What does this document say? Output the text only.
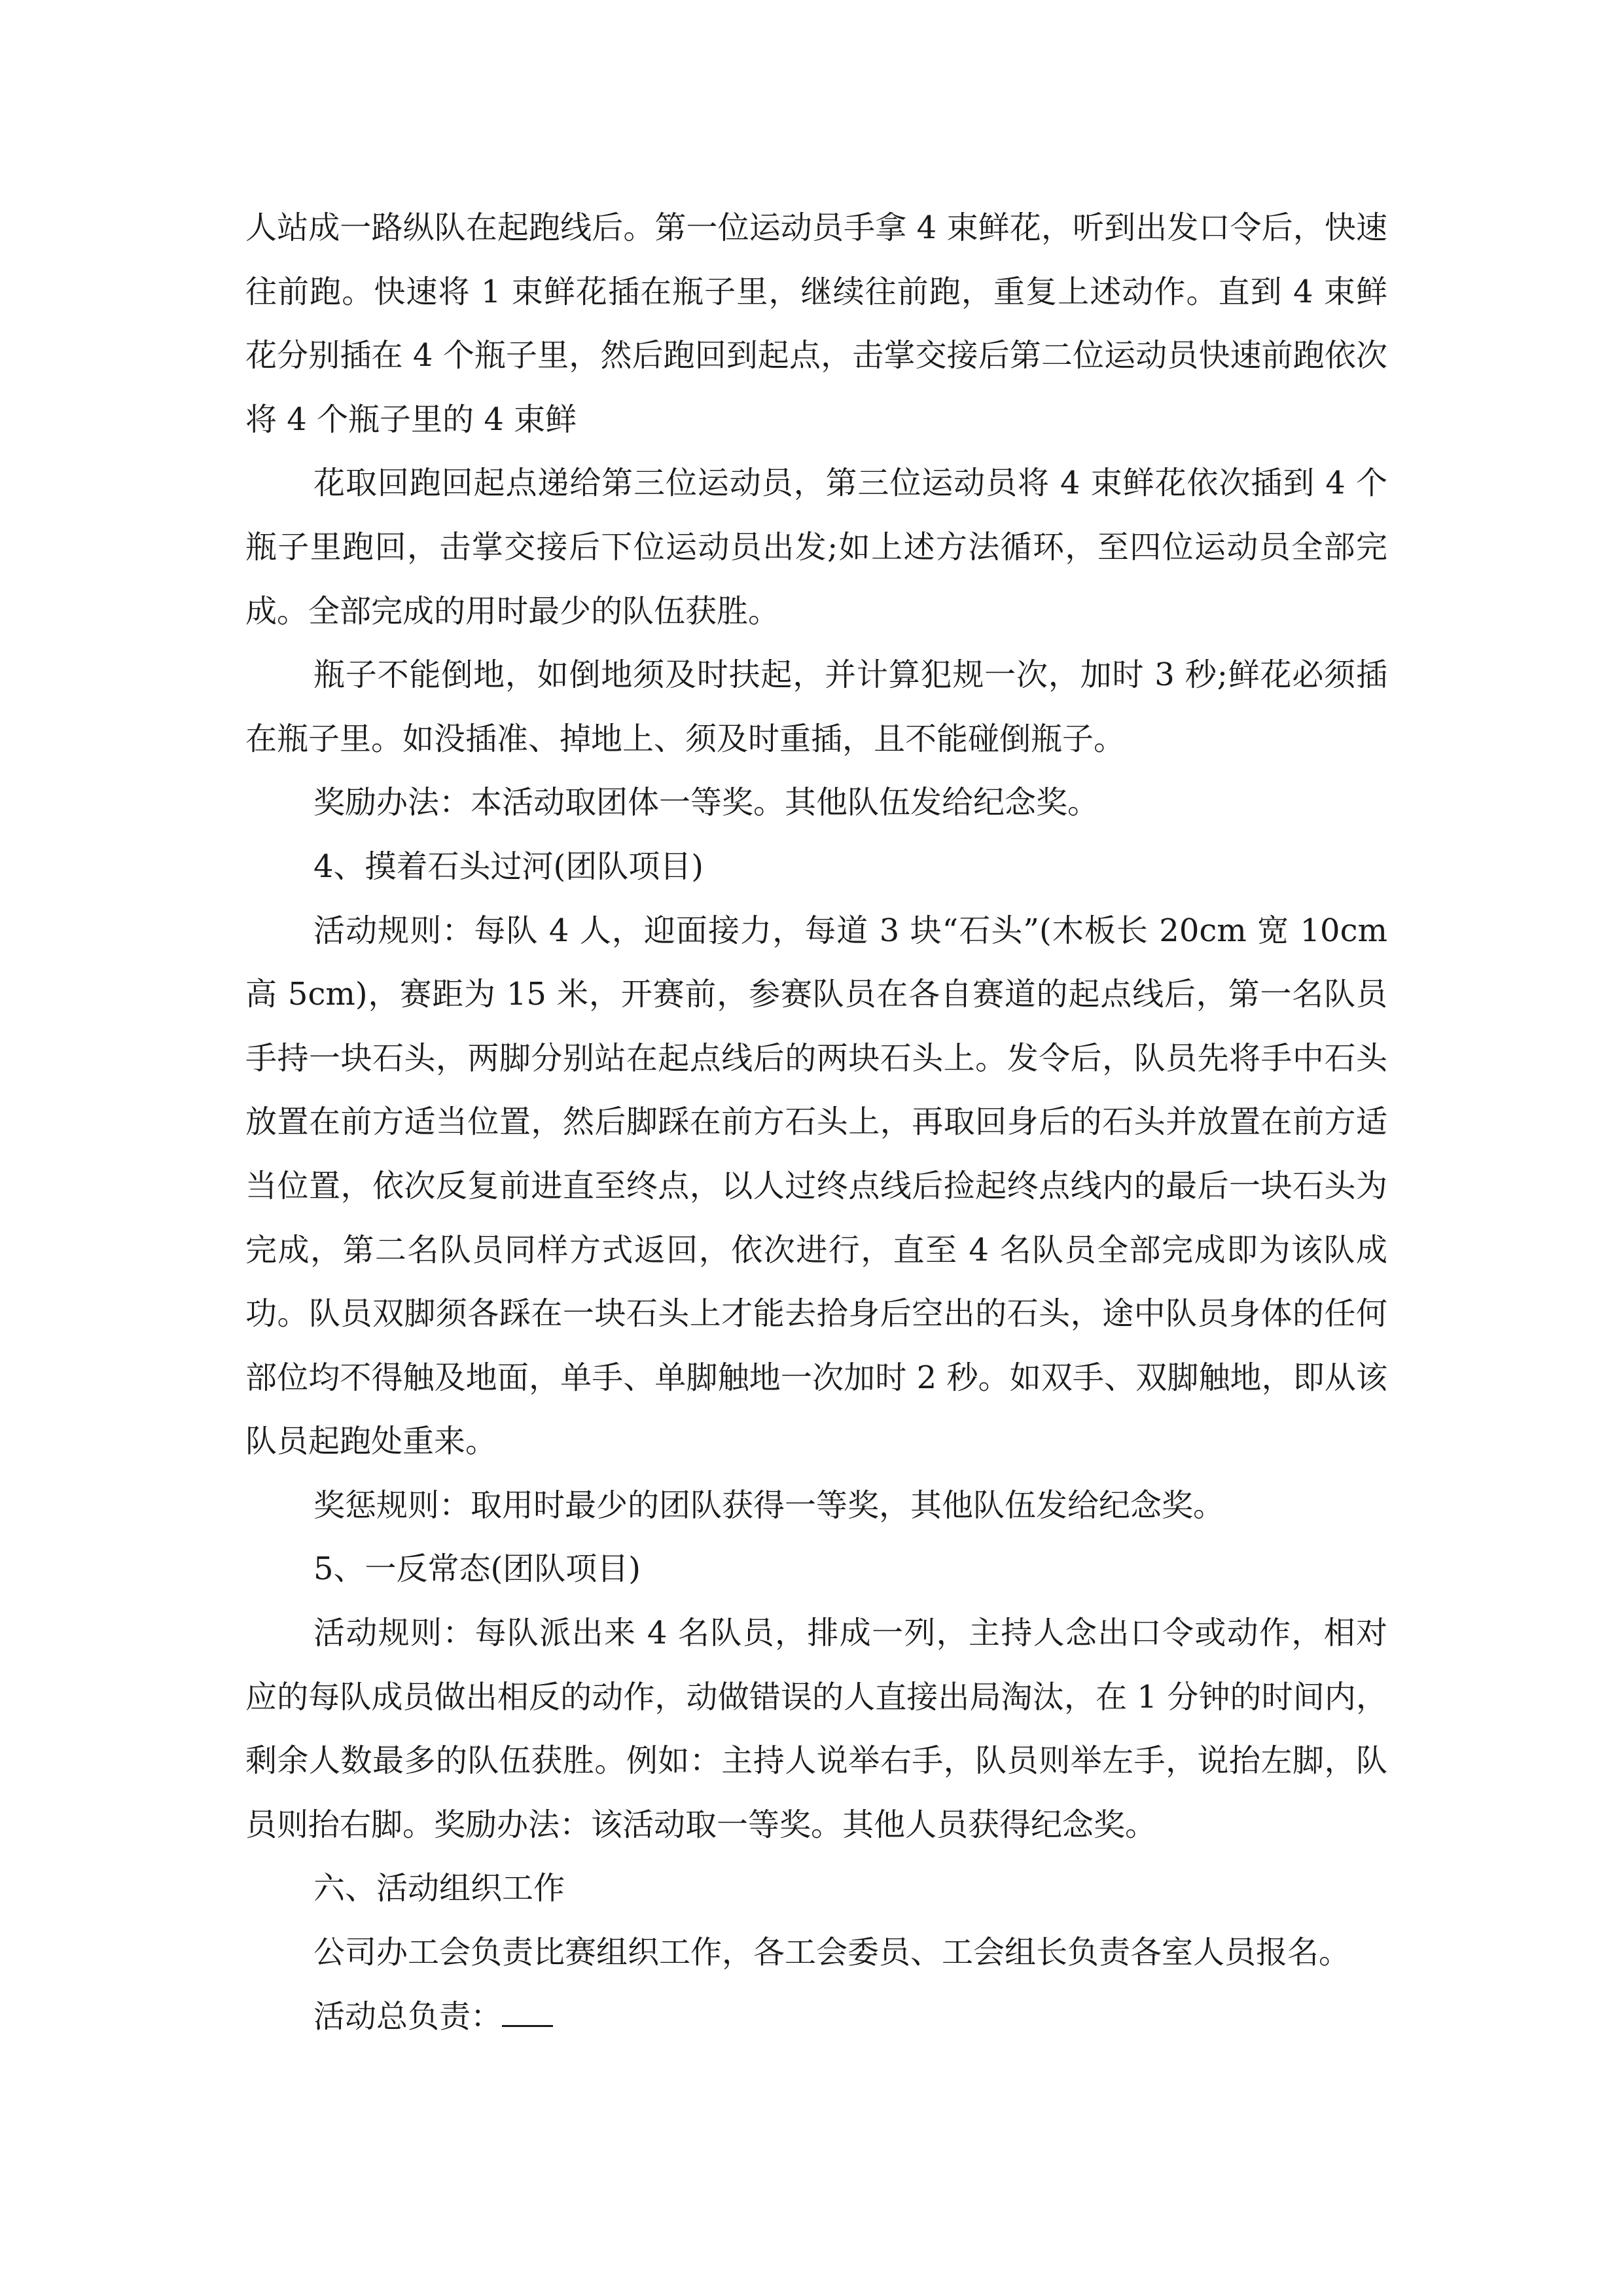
人站成一路纵队在起跑线后。第一位运动员手拿 4 束鲜花，听到出发口令后，快速往前跑。快速将 1 束鲜花插在瓶子里，继续往前跑，重复上述动作。直到 4 束鲜花分别插在 4 个瓶子里，然后跑回到起点，击掌交接后第二位运动员快速前跑依次将 4 个瓶子里的 4 束鲜

花取回跑回起点递给第三位运动员，第三位运动员将 4 束鲜花依次插到 4 个瓶子里跑回，击掌交接后下位运动员出发;如上述方法循环，至四位运动员全部完成。全部完成的用时最少的队伍获胜。

瓶子不能倒地，如倒地须及时扶起，并计算犯规一次，加时 3 秒;鲜花必须插在瓶子里。如没插准、掉地上、须及时重插，且不能碰倒瓶子。

奖励办法：本活动取团体一等奖。其他队伍发给纪念奖。

4、摸着石头过河(团队项目)

活动规则：每队 4 人，迎面接力，每道 3 块“石头”(木板长 20cm 宽 10cm 高 5cm)，赛距为 15 米，开赛前，参赛队员在各自赛道的起点线后，第一名队员手持一块石头，两脚分别站在起点线后的两块石头上。发令后，队员先将手中石头放置在前方适当位置，然后脚踩在前方石头上，再取回身后的石头并放置在前方适当位置，依次反复前进直至终点，以人过终点线后捡起终点线内的最后一块石头为完成，第二名队员同样方式返回，依次进行，直至 4 名队员全部完成即为该队成功。队员双脚须各踩在一块石头上才能去拾身后空出的石头，途中队员身体的任何部位均不得触及地面，单手、单脚触地一次加时 2 秒。如双手、双脚触地，即从该队员起跑处重来。

奖惩规则：取用时最少的团队获得一等奖，其他队伍发给纪念奖。

5、一反常态(团队项目)

活动规则：每队派出来 4 名队员，排成一列，主持人念出口令或动作，相对应的每队成员做出相反的动作，动做错误的人直接出局淘汰，在 1 分钟的时间内，剩余人数最多的队伍获胜。例如：主持人说举右手，队员则举左手，说抬左脚，队员则抬右脚。奖励办法：该活动取一等奖。其他人员获得纪念奖。

六、活动组织工作

公司办工会负责比赛组织工作，各工会委员、工会组长负责各室人员报名。

活动总负责：
